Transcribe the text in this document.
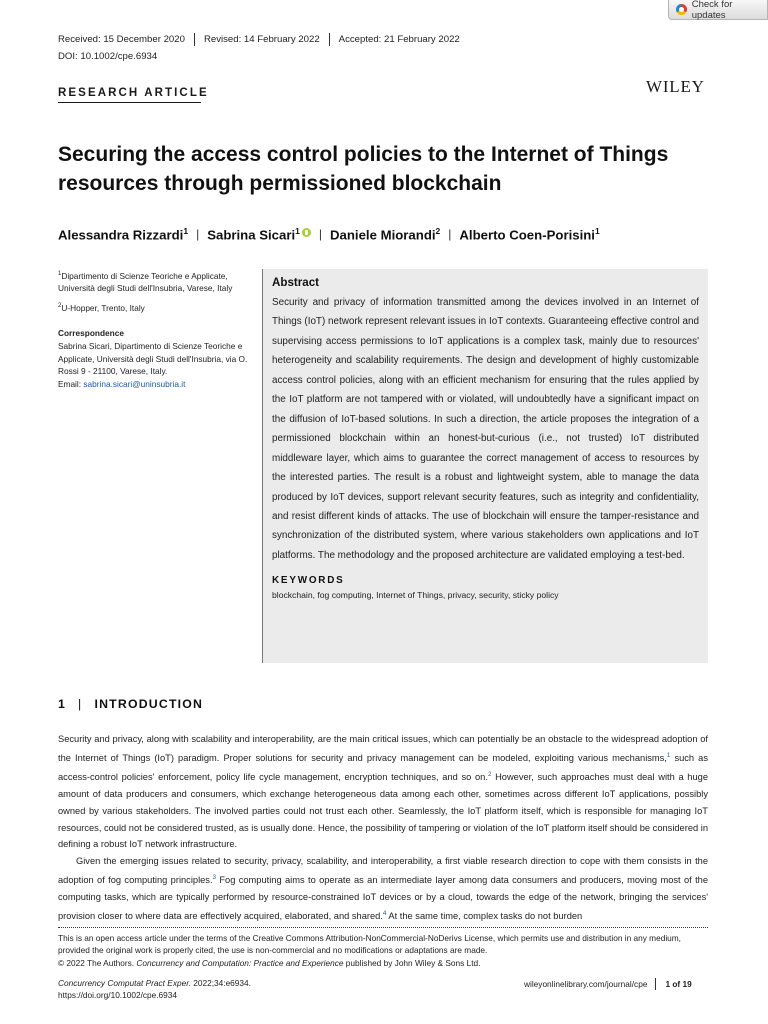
Check for updates
Received: 15 December 2020	Revised: 14 February 2022	Accepted: 21 February 2022
DOI: 10.1002/cpe.6934
RESEARCH ARTICLE	WILEY
Securing the access control policies to the Internet of Things resources through permissioned blockchain
Alessandra Rizzardi$^1$ | Sabrina Sicari$^1$	| Daniele Miorandi$^2$ | Alberto Coen-Porisini$^1$
$^1$Dipartimento di Scienze Teoriche e Applicate, Università degli Studi dell'Insubria, Varese, Italy
$^2$U-Hopper, Trento, Italy
Correspondence
Sabrina Sicari, Dipartimento di Scienze Teoriche e Applicate, Università degli Studi dell'Insubria, via O. Rossi 9 - 21100, Varese, Italy.
Email: sabrina.sicari@uninsubria.it
Abstract
Security and privacy of information transmitted among the devices involved in an Internet of Things (IoT) network represent relevant issues in IoT contexts. Guaranteeing effective control and supervising access permissions to IoT applications is a complex task, mainly due to resources' heterogeneity and scalability requirements. The design and development of highly customizable access control policies, along with an efficient mechanism for ensuring that the rules applied by the IoT platform are not tampered with or violated, will undoubtedly have a significant impact on the diffusion of IoT-based solutions. In such a direction, the article proposes the integration of a permissioned blockchain within an honest-but-curious (i.e., not trusted) IoT distributed middleware layer, which aims to guarantee the correct management of access to resources by the interested parties. The result is a robust and lightweight system, able to manage the data produced by IoT devices, support relevant security features, such as integrity and confidentiality, and resist different kinds of attacks. The use of blockchain will ensure the tamper-resistance and synchronization of the distributed system, where various stakeholders own applications and IoT platforms. The methodology and the proposed architecture are validated employing a test-bed.
KEYWORDS
blockchain, fog computing, Internet of Things, privacy, security, sticky policy
1 | INTRODUCTION

Security and privacy, along with scalability and interoperability, are the main critical issues, which can potentially be an obstacle to the widespread adoption of the Internet of Things (IoT) paradigm. Proper solutions for security and privacy management can be modeled, exploiting various mechanisms,$^1$ such as access-control policies' enforcement, policy life cycle management, encryption techniques, and so on.$^2$ However, such approaches must deal with a huge amount of data producers and consumers, which exchange heterogeneous data among each other, sometimes across different IoT applications, possibly owned by various stakeholders. The involved parties could not trust each other. Seamlessly, the IoT platform itself, which is responsible for managing IoT resources, could not be considered trusted, as is usually done. Hence, the possibility of tampering or violation of the IoT platform itself should be considered in defining a robust IoT network infrastructure.

Given the emerging issues related to security, privacy, scalability, and interoperability, a first viable research direction to cope with them consists in the adoption of fog computing principles.$^3$ Fog computing aims to operate as an intermediate layer among data consumers and producers, moving most of the computing tasks, which are typically performed by resource-constrained IoT devices or by a cloud, towards the edge of the network, bringing the services' provision closer to where data are effectively acquired, elaborated, and shared.$^4$ At the same time, complex tasks do not burden

This is an open access article under the terms of the Creative Commons Attribution-NonCommercial-NoDerivs License, which permits use and distribution in any medium, provided the original work is properly cited, the use is non-commercial and no modifications or adaptations are made.
© 2022 The Authors. Concurrency and Computation: Practice and Experience published by John Wiley & Sons Ltd.
Concurrency Computat Pract Exper. 2022;34:e6934.
https://doi.org/10.1002/cpe.6934
wileyonlinelibrary.com/journal/cpe	1 of 19
